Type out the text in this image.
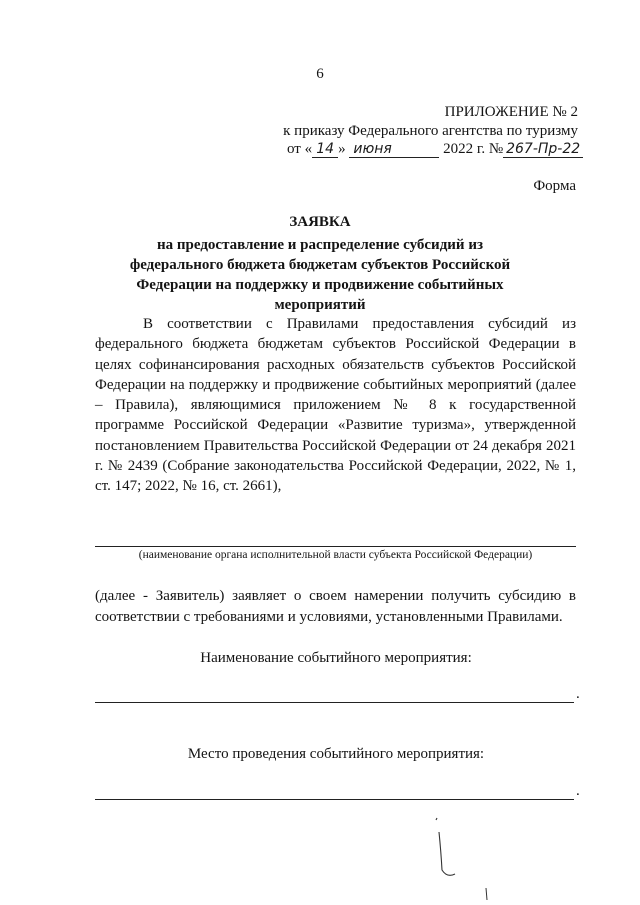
6
ПРИЛОЖЕНИЕ № 2
к приказу Федерального агентства по туризму
от « 14 » июня	2022 г. № 267-Пр-22
Форма
ЗАЯВКА
на предоставление и распределение субсидий из федерального бюджета бюджетам субъектов Российской Федерации на поддержку и продвижение событийных мероприятий
В соответствии с Правилами предоставления субсидий из федерального бюджета бюджетам субъектов Российской Федерации в целях софинансирования расходных обязательств субъектов Российской Федерации на поддержку и продвижение событийных мероприятий (далее – Правила), являющимися приложением № 8 к государственной программе Российской Федерации «Развитие туризма», утвержденной постановлением Правительства Российской Федерации от 24 декабря 2021 г. № 2439 (Собрание законодательства Российской Федерации, 2022, № 1, ст. 147; 2022, № 16, ст. 2661),
(наименование органа исполнительной власти субъекта Российской Федерации)
(далее - Заявитель) заявляет о своем намерении получить субсидию в соответствии с требованиями и условиями, установленными Правилами.
Наименование событийного мероприятия:
.
Место проведения событийного мероприятия:
.
